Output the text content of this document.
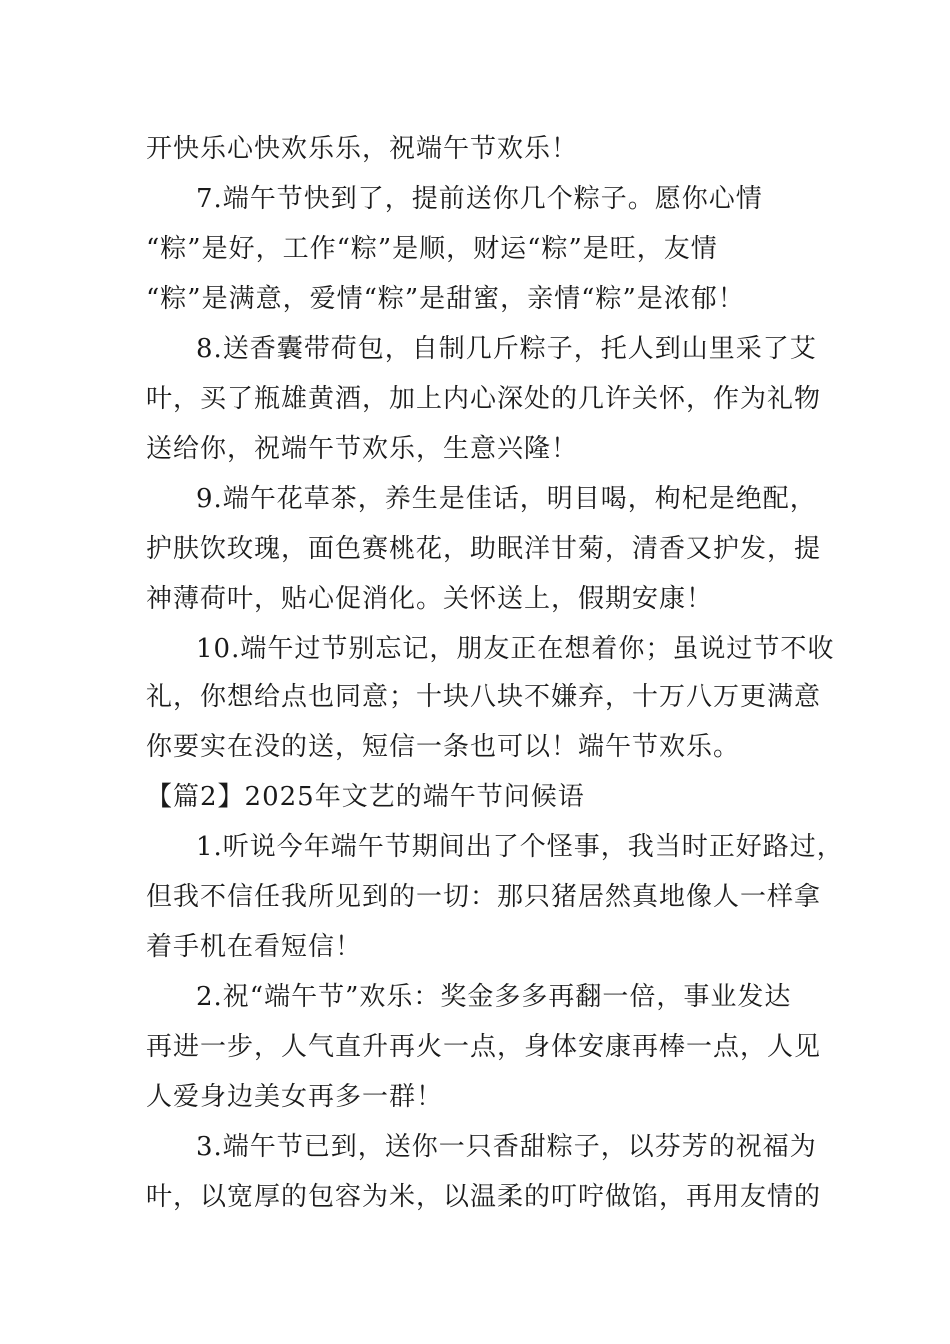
开快乐心快欢乐乐，祝端午节欢乐！
7.端午节快到了，提前送你几个粽子。愿你心情
“粽”是好，工作“粽”是顺，财运“粽”是旺，友情
“粽”是满意，爱情“粽”是甜蜜，亲情“粽”是浓郁！
8.送香囊带荷包，自制几斤粽子，托人到山里采了艾
叶，买了瓶雄黄酒，加上内心深处的几许关怀，作为礼物
送给你，祝端午节欢乐，生意兴隆！
9.端午花草茶，养生是佳话，明目喝，枸杞是绝配，
护肤饮玫瑰，面色赛桃花，助眠洋甘菊，清香又护发，提
神薄荷叶，贴心促消化。关怀送上，假期安康！
10.端午过节别忘记，朋友正在想着你；虽说过节不收
礼，你想给点也同意；十块八块不嫌弃，十万八万更满意
你要实在没的送，短信一条也可以！端午节欢乐。
【篇2】2025年文艺的端午节问候语
1.听说今年端午节期间出了个怪事，我当时正好路过，
但我不信任我所见到的一切：那只猪居然真地像人一样拿
着手机在看短信！
2.祝“端午节”欢乐：奖金多多再翻一倍，事业发达
再进一步，人气直升再火一点，身体安康再棒一点，人见
人爱身边美女再多一群！
3.端午节已到，送你一只香甜粽子，以芬芳的祝福为
叶，以宽厚的包容为米，以温柔的叮咛做馅，再用友情的
